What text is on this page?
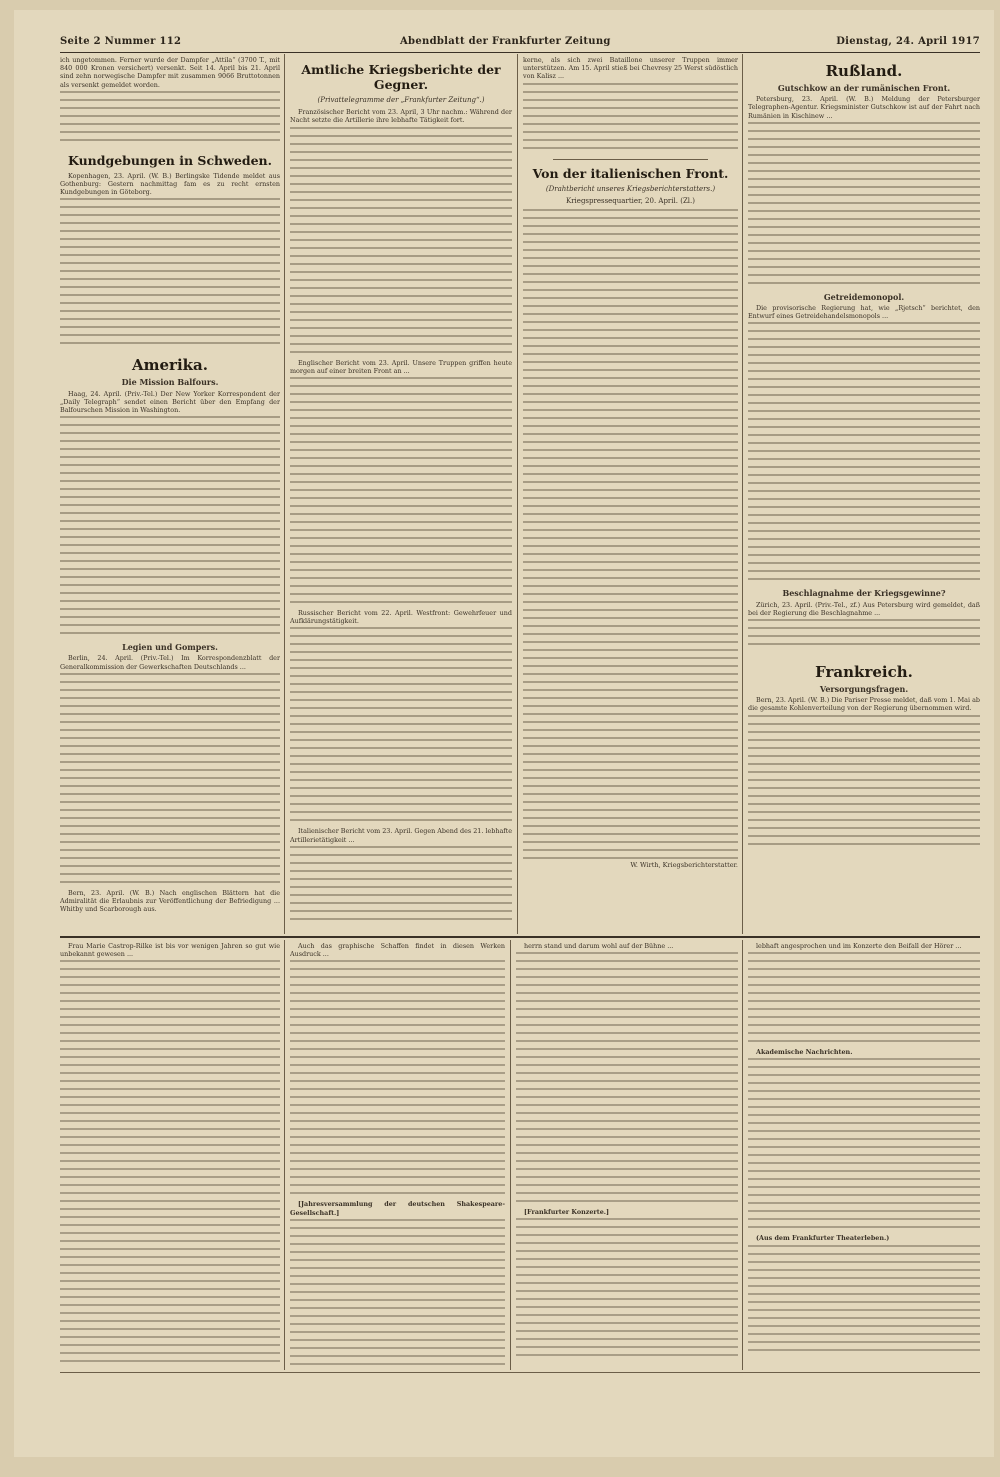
Seite 2 Nummer 112	Abendblatt der Frankfurter Zeitung	Dienstag, 24. April 1917

ich ungetommen. Ferner wurde der Dampfer „Attila“ (3700 T., mit 840 000 Kronen versichert) versenkt. Seit 14. April bis 21. April sind zehn norwegische Dampfer mit zusammen 9066 Bruttotonnen als versenkt gemeldet worden.

Kundgebungen in Schweden.

Kopenhagen, 23. April. (W. B.) Berlingske Tidende meldet aus Gothenburg: Gestern nachmittag fam es zu recht ernsten Kundgebungen in Göteborg.

Amerika.
Die Mission Balfours.

Haag, 24. April. (Priv.-Tel.) Der New Yorker Korrespondent der „Daily Telegraph“ sendet einen Bericht über den Empfang der Balfourschen Mission in Washington.

Legien und Gompers.

Berlin, 24. April. (Priv.-Tel.) Im Korrespondenzblatt der Generalkommission der Gewerkschaften Deutschlands ...

Bern, 23. April. (W. B.) Nach englischen Blättern hat die Admiralität die Erlaubnis zur Veröffentlichung der Befriedigung ... Whitby und Scarborough aus.

Amtliche Kriegsberichte der Gegner.
(Privattelegramme der „Frankfurter Zeitung“.)

Französischer Bericht vom 23. April, 3 Uhr nachm.: Während der Nacht setzte die Artillerie ihre lebhafte Tätigkeit fort.

Englischer Bericht vom 23. April. Unsere Truppen griffen heute morgen auf einer breiten Front an ...

Russischer Bericht vom 22. April. Westfront: Gewehrfeuer und Aufklärungstätigkeit.

Italienischer Bericht vom 23. April. Gegen Abend des 21. lebhafte Artillerietätigkeit ...

kerne, als sich zwei Bataillone unserer Truppen immer unterstützen. Am 15. April stieß bei Chevresy 25 Werst südöstlich von Kalisz ...

Von der italienischen Front.
(Drahtbericht unseres Kriegsberichterstatters.)
Kriegspressequartier, 20. April. (Zl.)
W. Wirth, Kriegsberichterstatter.
Rußland.
Gutschkow an der rumänischen Front.

Petersburg, 23. April. (W. B.) Meldung der Petersburger Telegraphen-Agentur. Kriegsminister Gutschkow ist auf der Fahrt nach Rumänien in Kischinew ...

Getreidemonopol.

Die provisorische Regierung hat, wie „Rjetsch“ berichtet, den Entwurf eines Getreidehandelsmonopols ...

Beschlagnahme der Kriegsgewinne?

Zürich, 23. April. (Priv.-Tel., zf.) Aus Petersburg wird gemeldet, daß bei der Regierung die Beschlagnahme ...

Frankreich.
Versorgungsfragen.

Bern, 23. April. (W. B.) Die Pariser Presse meldet, daß vom 1. Mai ab die gesamte Kohlenverteilung von der Regierung übernommen wird.

Frau Marie Castrop-Rilke ist bis vor wenigen Jahren so gut wie unbekannt gewesen ...

Auch das graphische Schaffen findet in diesen Werken Ausdruck ...

[Jahresversammlung der deutschen Shakespeare-Gesellschaft.]

herrn stand und darum wohl auf der Bühne ...

[Frankfurter Konzerte.]

lebhaft angesprochen und im Konzerte den Beifall der Hörer ...

Akademische Nachrichten.

(Aus dem Frankfurter Theaterleben.)
